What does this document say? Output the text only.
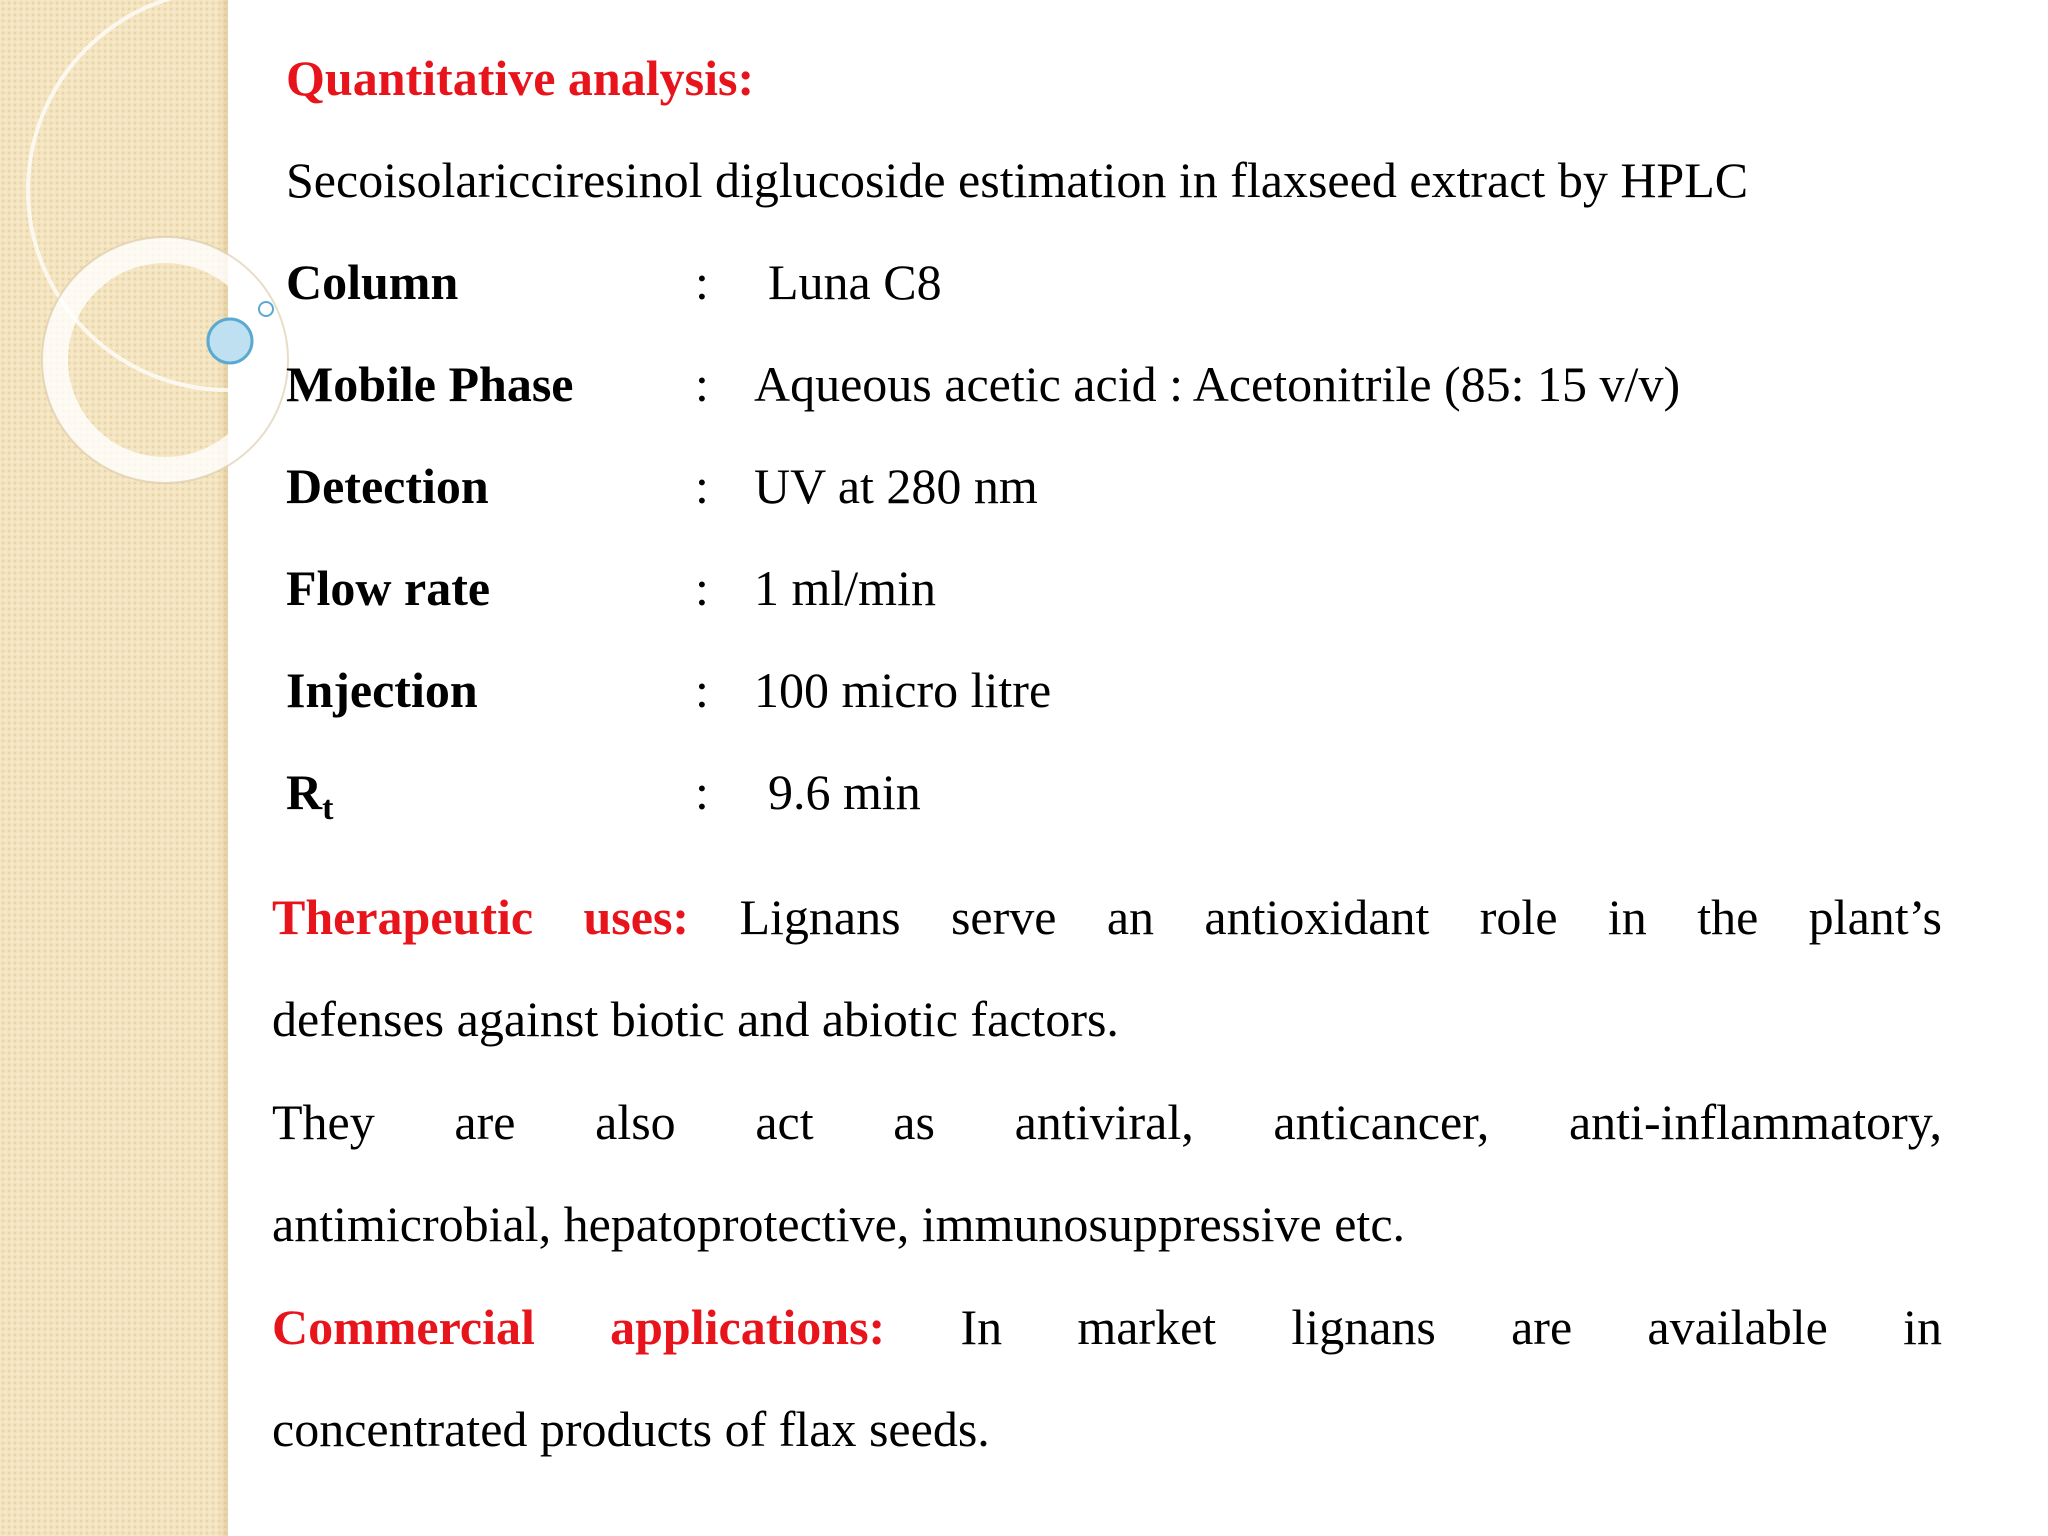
Quantitative analysis:
Secoisolaricciresinol diglucoside estimation in flaxseed extract by HPLC
Column	: Luna C8
Mobile Phase : Aqueous acetic acid : Acetonitrile (85: 15 v/v)
Detection	: UV at 280 nm
Flow rate	: 1 ml/min
Injection	: 100 micro litre
$R_t$	: 9.6 min
Therapeutic uses: Lignans serve an antioxidant role in the plant’s
defenses against biotic and abiotic factors.
They are also act as antiviral, anticancer, anti-inflammatory,
antimicrobial, hepatoprotective, immunosuppressive etc.
Commercial applications: In market lignans are available in
concentrated products of flax seeds.
